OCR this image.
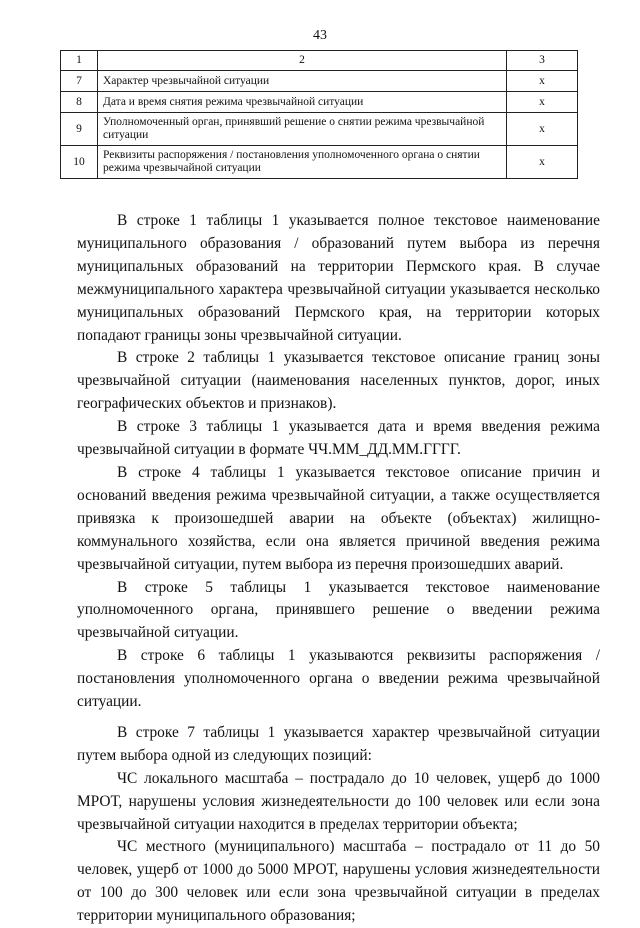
43
1	2	3
7	Характер чрезвычайной ситуации	х
8	Дата и время снятия режима чрезвычайной ситуации	х
9	Уполномоченный орган, принявший решение о снятии режима чрезвычайной ситуации	х
10	Реквизиты распоряжения / постановления уполномоченного органа о снятии режима чрезвычайной ситуации	х

В строке 1 таблицы 1 указывается полное текстовое наименование муниципального образования / образований путем выбора из перечня муниципальных образований на территории Пермского края. В случае межмуниципального характера чрезвычайной ситуации указывается несколько муниципальных образований Пермского края, на территории которых попадают границы зоны чрезвычайной ситуации.

В строке 2 таблицы 1 указывается текстовое описание границ зоны чрезвычайной ситуации (наименования населенных пунктов, дорог, иных географических объектов и признаков).

В строке 3 таблицы 1 указывается дата и время введения режима чрезвычайной ситуации в формате ЧЧ.ММ_ДД.ММ.ГГГГ.

В строке 4 таблицы 1 указывается текстовое описание причин и оснований введения режима чрезвычайной ситуации, а также осуществляется привязка к произошедшей аварии на объекте (объектах) жилищно-коммунального хозяйства, если она является причиной введения режима чрезвычайной ситуации, путем выбора из перечня произошедших аварий.

В строке 5 таблицы 1 указывается текстовое наименование уполномоченного органа, принявшего решение о введении режима чрезвычайной ситуации.

В строке 6 таблицы 1 указываются реквизиты распоряжения / постановления уполномоченного органа о введении режима чрезвычайной ситуации.

В строке 7 таблицы 1 указывается характер чрезвычайной ситуации путем выбора одной из следующих позиций:

ЧС локального масштаба – пострадало до 10 человек, ущерб до 1000 МРОТ, нарушены условия жизнедеятельности до 100 человек или если зона чрезвычайной ситуации находится в пределах территории объекта;

ЧС местного (муниципального) масштаба – пострадало от 11 до 50 человек, ущерб от 1000 до 5000 МРОТ, нарушены условия жизнедеятельности от 100 до 300 человек или если зона чрезвычайной ситуации в пределах территории муниципального образования;
